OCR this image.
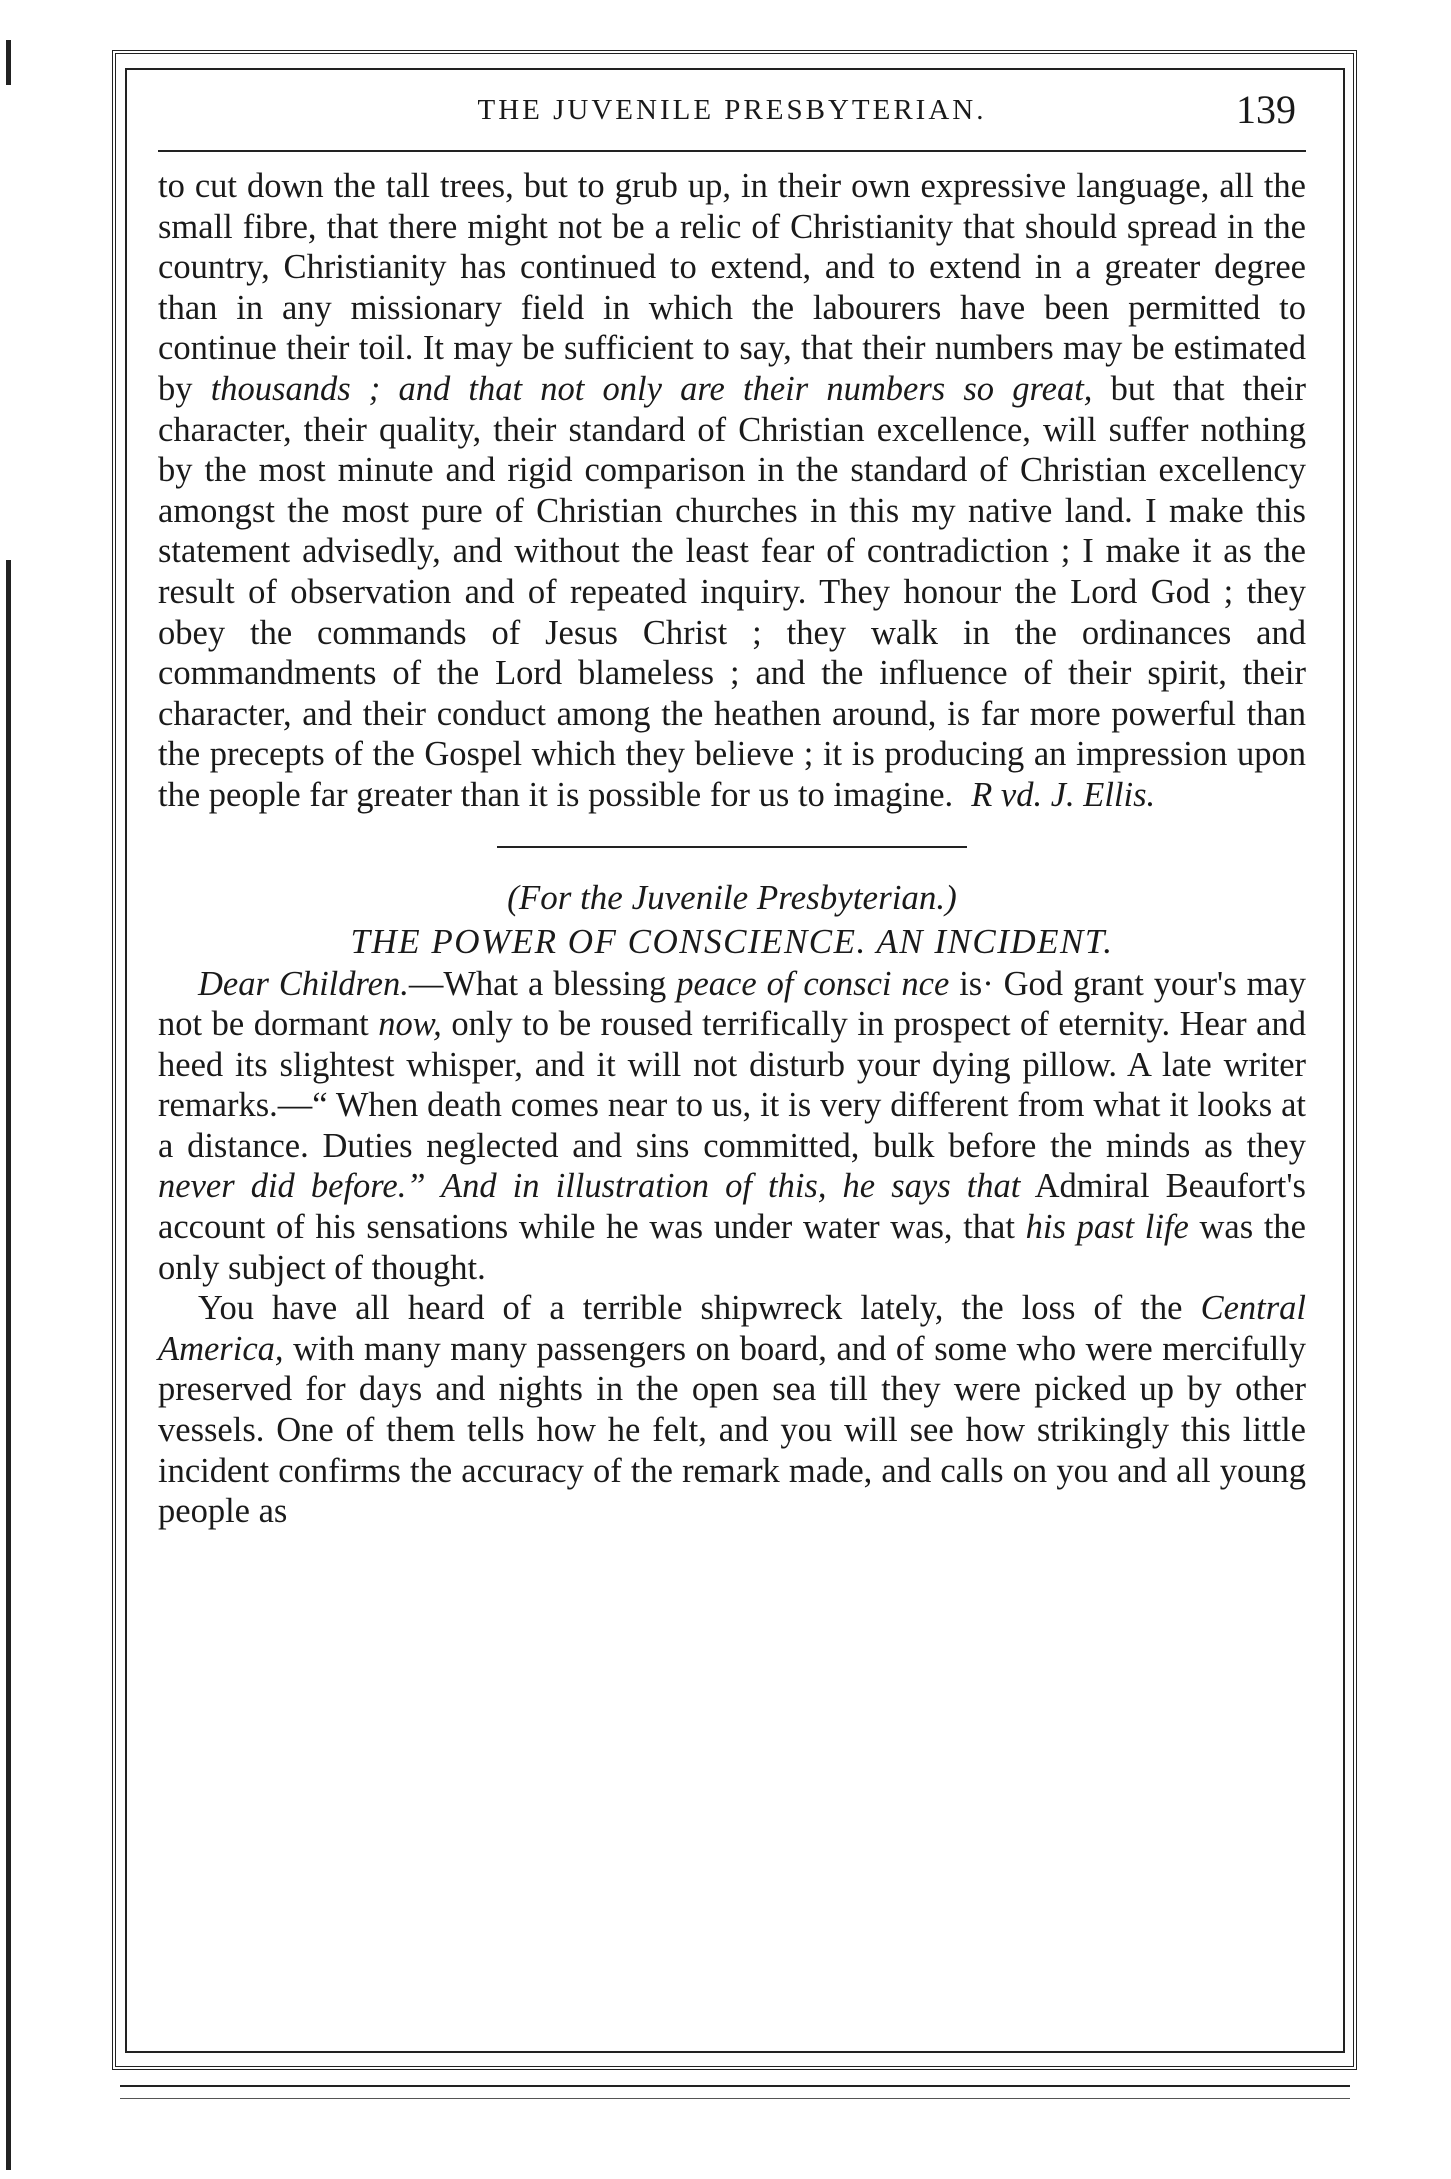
THE JUVENILE PRESBYTERIAN.	139

to cut down the tall trees, but to grub up, in their own expressive language, all the small fibre, that there might not be a relic of Christianity that should spread in the country, Christianity has continued to extend, and to extend in a greater degree than in any missionary field in which the labourers have been permitted to continue their toil. It may be sufficient to say, that their numbers may be estimated by thousands ; and that not only are their numbers so great, but that their character, their quality, their standard of Christian excellence, will suffer nothing by the most minute and rigid comparison in the standard of Christian excellency amongst the most pure of Christian churches in this my native land. I make this statement advisedly, and without the least fear of contradiction ; I make it as the result of observation and of repeated inquiry. They honour the Lord God ; they obey the commands of Jesus Christ ; they walk in the ordinances and commandments of the Lord blameless ; and the influence of their spirit, their character, and their conduct among the heathen around, is far more powerful than the precepts of the Gospel which they believe ; it is producing an impression upon the people far greater than it is possible for us to imagine. R vd. J. Ellis.

(For the Juvenile Presbyterian.)

THE POWER OF CONSCIENCE. AN INCIDENT.

Dear Children.—What a blessing peace of consci nce is· God grant your's may not be dormant now, only to be roused terrifically in prospect of eternity. Hear and heed its slightest whisper, and it will not disturb your dying pillow. A late writer remarks.—“ When death comes near to us, it is very different from what it looks at a distance. Duties neglected and sins committed, bulk before the minds as they never did before.” And in illustration of this, he says that Admiral Beaufort's account of his sensations while he was under water was, that his past life was the only subject of thought.

You have all heard of a terrible shipwreck lately, the loss of the Central America, with many many passengers on board, and of some who were mercifully preserved for days and nights in the open sea till they were picked up by other vessels. One of them tells how he felt, and you will see how strikingly this little incident confirms the accuracy of the remark made, and calls on you and all young people as
